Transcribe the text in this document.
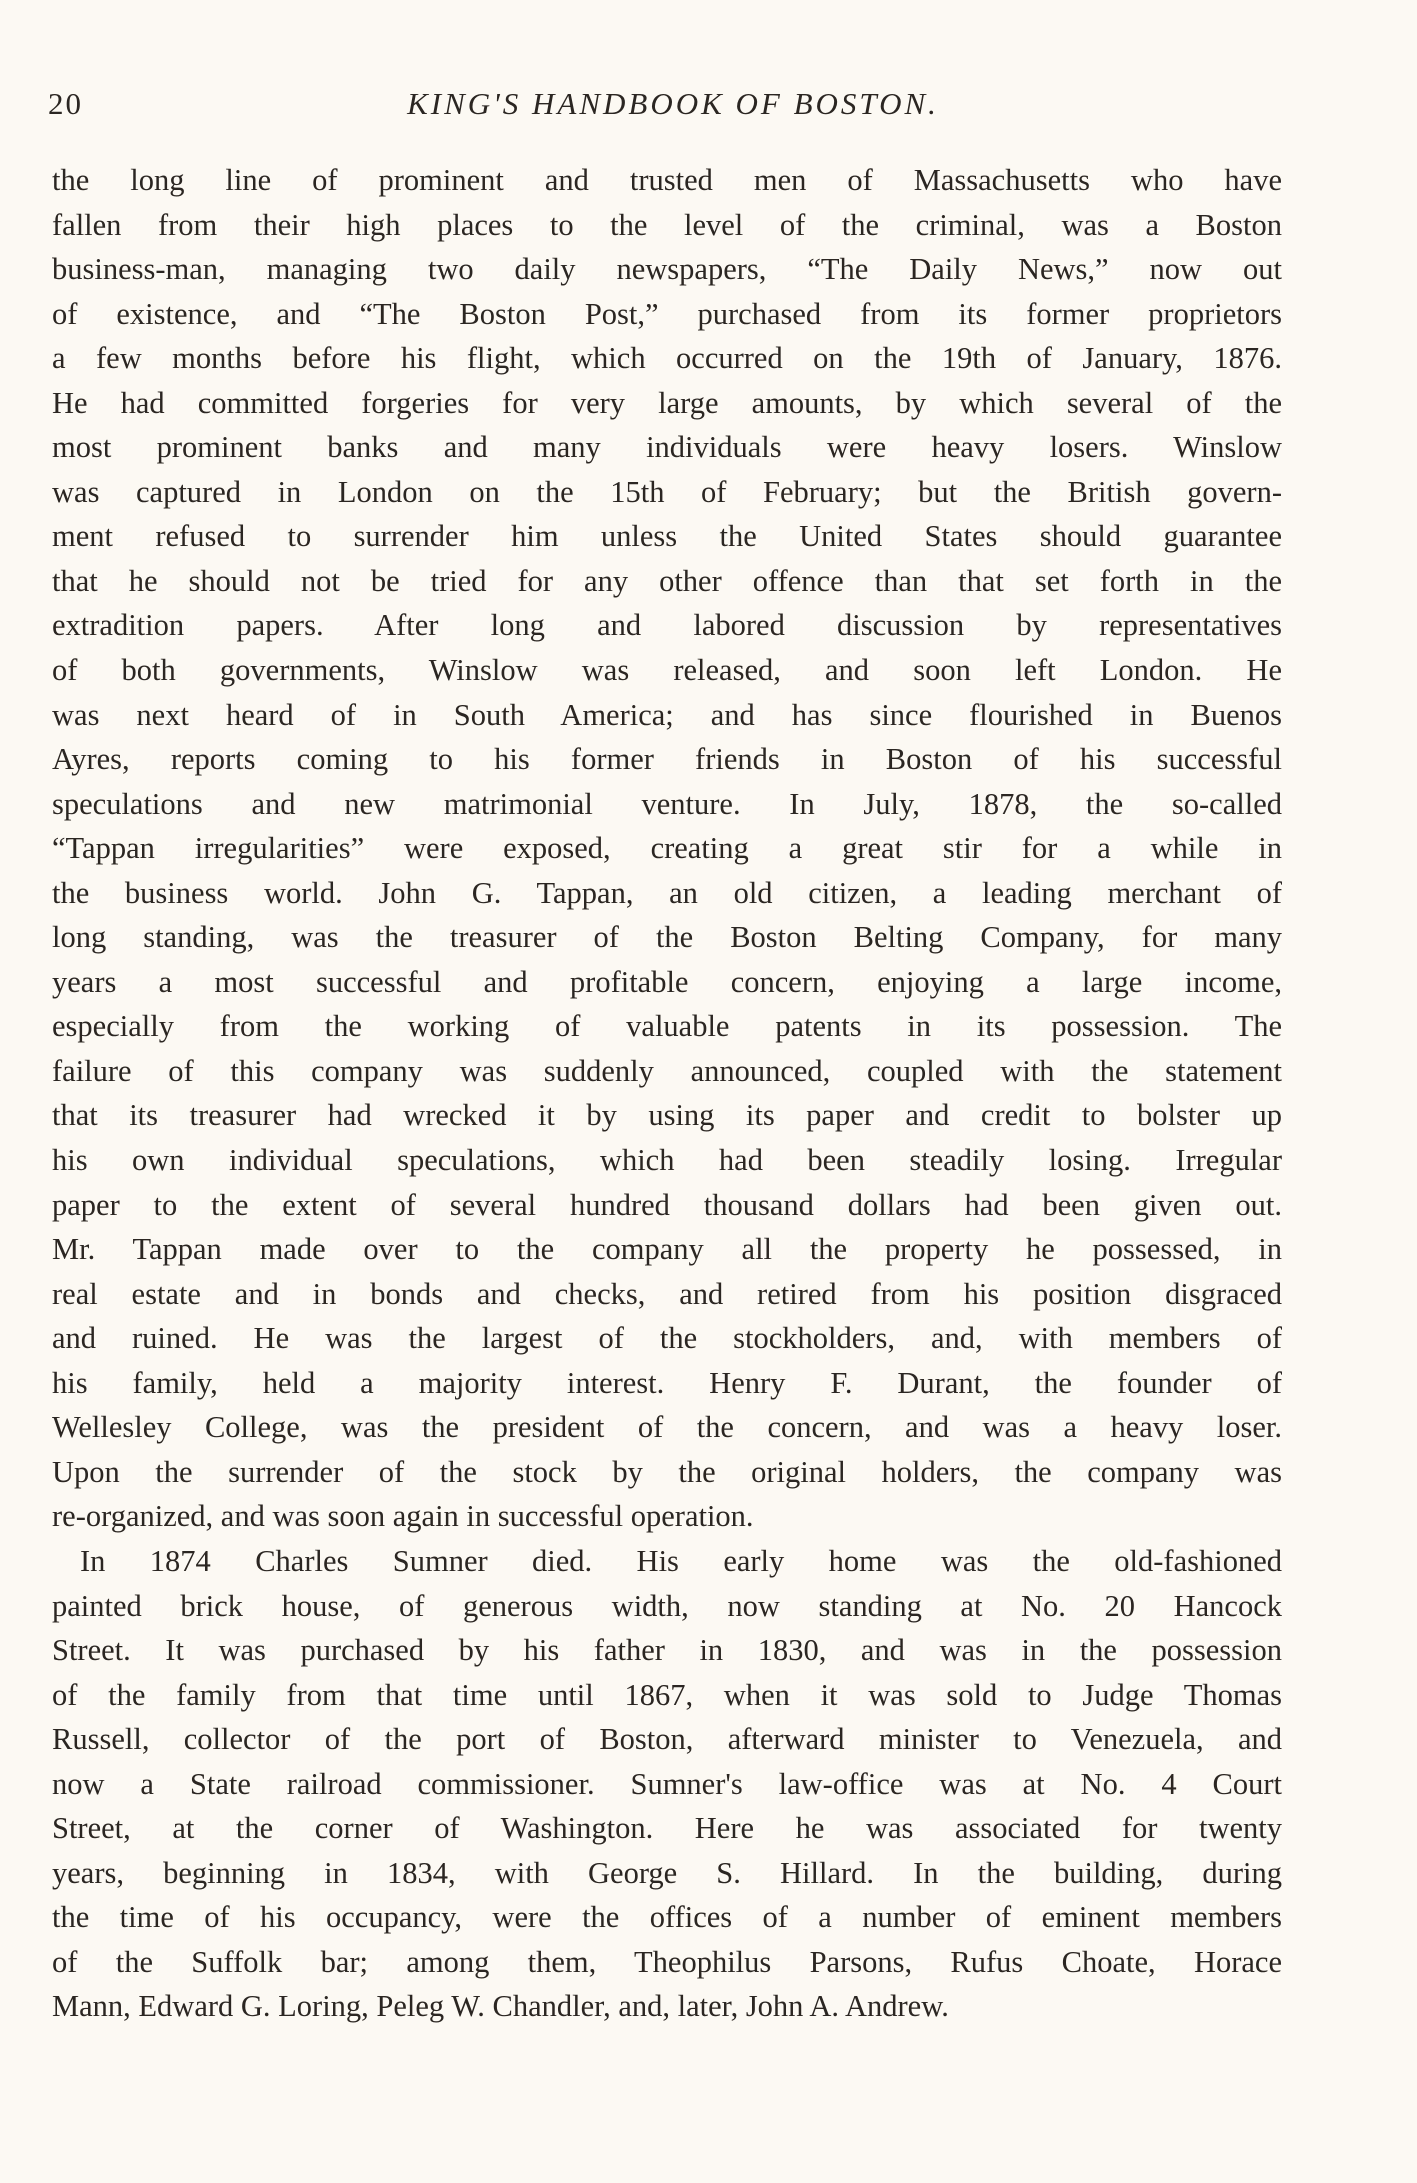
20	KING'S HANDBOOK OF BOSTON.
the long line of prominent and trusted men of Massachusetts who have
fallen from their high places to the level of the criminal, was a Boston
business-man, managing two daily newspapers, “The Daily News,” now out
of existence, and “The Boston Post,” purchased from its former proprietors
a few months before his flight, which occurred on the 19th of January, 1876.
He had committed forgeries for very large amounts, by which several of the
most prominent banks and many individuals were heavy losers. Winslow
was captured in London on the 15th of February; but the British govern-
ment refused to surrender him unless the United States should guarantee
that he should not be tried for any other offence than that set forth in the
extradition papers. After long and labored discussion by representatives
of both governments, Winslow was released, and soon left London. He
was next heard of in South America; and has since flourished in Buenos
Ayres, reports coming to his former friends in Boston of his successful
speculations and new matrimonial venture. In July, 1878, the so-called
“Tappan irregularities” were exposed, creating a great stir for a while in
the business world. John G. Tappan, an old citizen, a leading merchant of
long standing, was the treasurer of the Boston Belting Company, for many
years a most successful and profitable concern, enjoying a large income,
especially from the working of valuable patents in its possession. The
failure of this company was suddenly announced, coupled with the statement
that its treasurer had wrecked it by using its paper and credit to bolster up
his own individual speculations, which had been steadily losing. Irregular
paper to the extent of several hundred thousand dollars had been given out.
Mr. Tappan made over to the company all the property he possessed, in
real estate and in bonds and checks, and retired from his position disgraced
and ruined. He was the largest of the stockholders, and, with members of
his family, held a majority interest. Henry F. Durant, the founder of
Wellesley College, was the president of the concern, and was a heavy loser.
Upon the surrender of the stock by the original holders, the company was
re-organized, and was soon again in successful operation.
In 1874 Charles Sumner died. His early home was the old-fashioned
painted brick house, of generous width, now standing at No. 20 Hancock
Street. It was purchased by his father in 1830, and was in the possession
of the family from that time until 1867, when it was sold to Judge Thomas
Russell, collector of the port of Boston, afterward minister to Venezuela, and
now a State railroad commissioner. Sumner's law-office was at No. 4 Court
Street, at the corner of Washington. Here he was associated for twenty
years, beginning in 1834, with George S. Hillard. In the building, during
the time of his occupancy, were the offices of a number of eminent members
of the Suffolk bar; among them, Theophilus Parsons, Rufus Choate, Horace
Mann, Edward G. Loring, Peleg W. Chandler, and, later, John A. Andrew.
